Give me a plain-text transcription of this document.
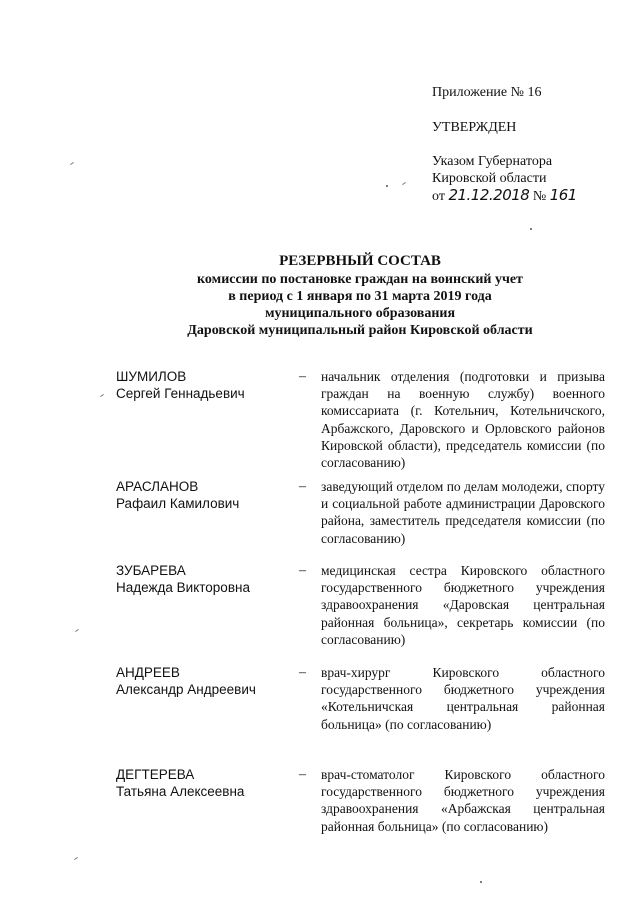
Приложение № 16
УТВЕРЖДЕН
Указом Губернатора
Кировской области
от 21.12.2018 № 161
РЕЗЕРВНЫЙ СОСТАВ
комиссии по постановке граждан на воинский учет
в период с 1 января по 31 марта 2019 года
муниципального образования
Даровской муниципальный район Кировской области
ШУМИЛОВ
Сергей Геннадьевич
– начальник отделения (подготовки и призыва граждан на военную службу) военного комиссариата (г. Котельнич, Котельничского, Арбажского, Даровского и Орловского районов Кировской области), председатель комиссии (по согласованию)
АРАСЛАНОВ
Рафаил Камилович
– заведующий отделом по делам молодежи, спорту и социальной работе администрации Даровского района, заместитель председателя комиссии (по согласованию)
ЗУБАРЕВА
Надежда Викторовна
– медицинская сестра Кировского областного государственного бюджетного учреждения здравоохранения «Даровская центральная районная больница», секретарь комиссии (по согласованию)
АНДРЕЕВ
Александр Андреевич
– врач-хирург Кировского областного государственного бюджетного учреждения «Котельничская центральная районная больница» (по согласованию)
ДЕГТЕРЕВА
Татьяна Алексеевна
– врач-стоматолог Кировского областного государственного бюджетного учреждения здравоохранения «Арбажская центральная районная больница» (по согласованию)
